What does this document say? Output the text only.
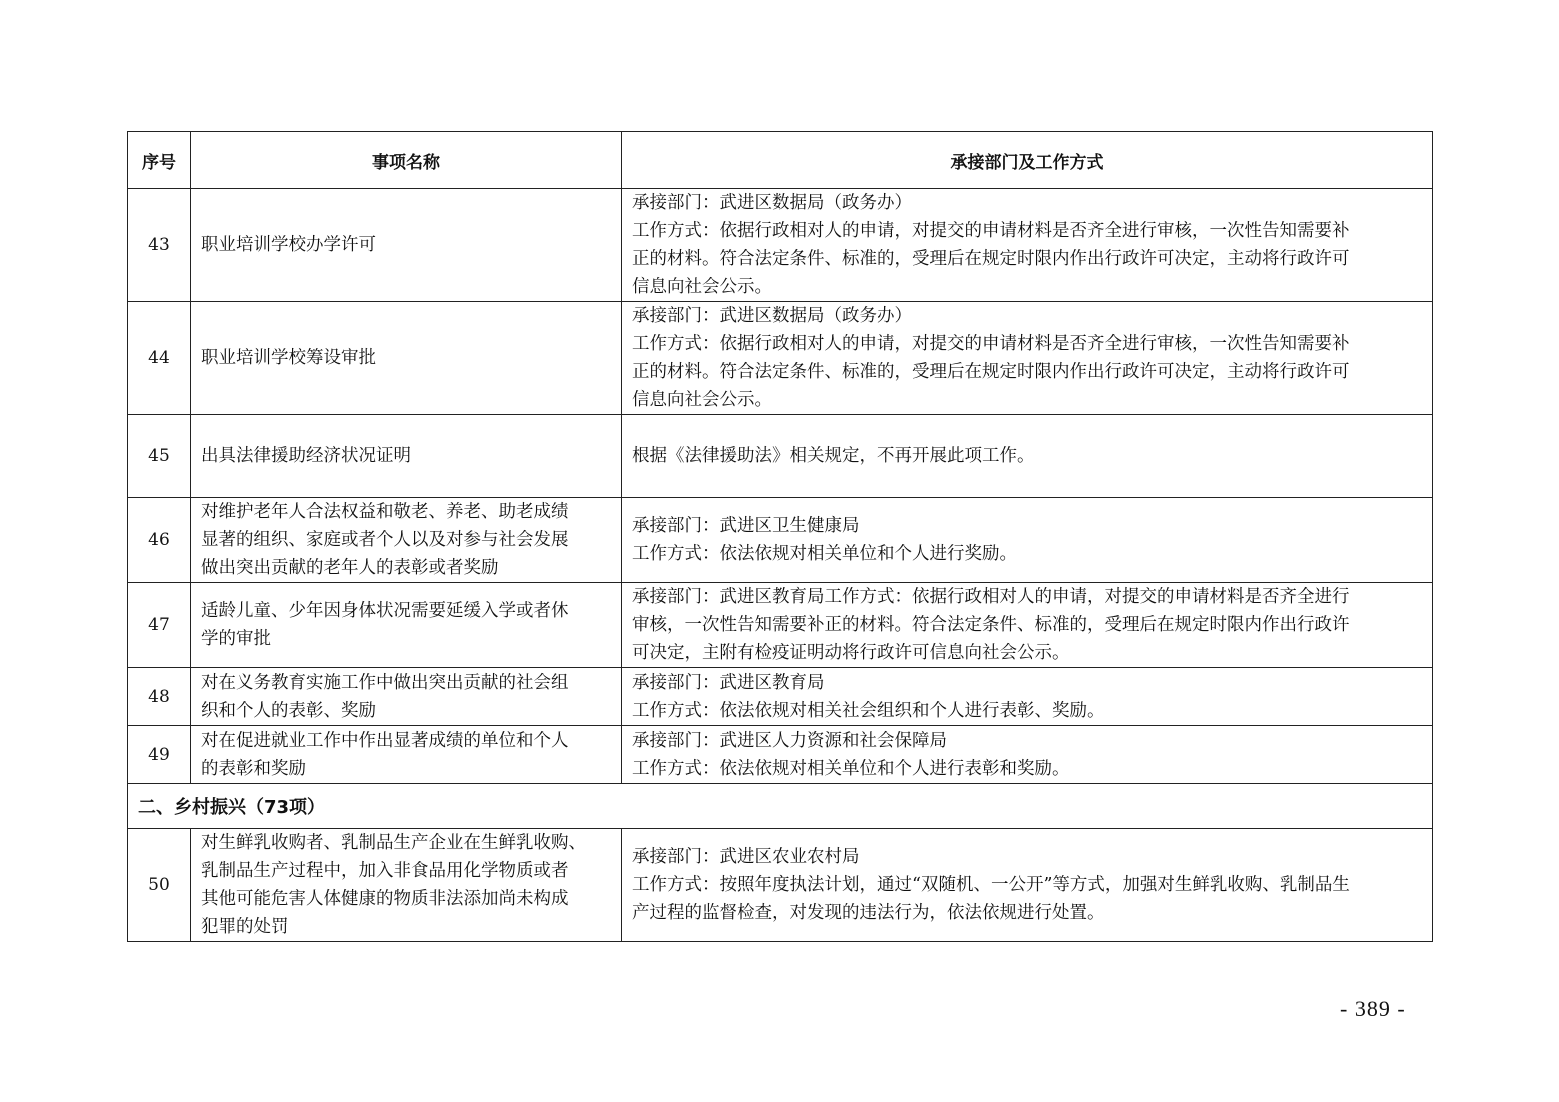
序号	事项名称	承接部门及工作方式
43	职业培训学校办学许可	承接部门：武进区数据局（政务办）
工作方式：依据行政相对人的申请，对提交的申请材料是否齐全进行审核，一次性告知需要补
正的材料。符合法定条件、标准的，受理后在规定时限内作出行政许可决定，主动将行政许可
信息向社会公示。

44	职业培训学校筹设审批	承接部门：武进区数据局（政务办）
工作方式：依据行政相对人的申请，对提交的申请材料是否齐全进行审核，一次性告知需要补
正的材料。符合法定条件、标准的，受理后在规定时限内作出行政许可决定，主动将行政许可
信息向社会公示。

45	出具法律援助经济状况证明	根据《法律援助法》相关规定，不再开展此项工作。

46	对维护老年人合法权益和敬老、养老、助老成绩
显著的组织、家庭或者个人以及对参与社会发展
做出突出贡献的老年人的表彰或者奖励	承接部门：武进区卫生健康局
工作方式：依法依规对相关单位和个人进行奖励。

47	适龄儿童、少年因身体状况需要延缓入学或者休
学的审批	承接部门：武进区教育局工作方式：依据行政相对人的申请，对提交的申请材料是否齐全进行
审核，一次性告知需要补正的材料。符合法定条件、标准的，受理后在规定时限内作出行政许
可决定，主附有检疫证明动将行政许可信息向社会公示。

48	对在义务教育实施工作中做出突出贡献的社会组
织和个人的表彰、奖励	承接部门：武进区教育局
工作方式：依法依规对相关社会组织和个人进行表彰、奖励。

49	对在促进就业工作中作出显著成绩的单位和个人
的表彰和奖励	承接部门：武进区人力资源和社会保障局
工作方式：依法依规对相关单位和个人进行表彰和奖励。

二、乡村振兴（73项）		
50	对生鲜乳收购者、乳制品生产企业在生鲜乳收购、
乳制品生产过程中，加入非食品用化学物质或者
其他可能危害人体健康的物质非法添加尚未构成
犯罪的处罚	承接部门：武进区农业农村局
工作方式：按照年度执法计划，通过“双随机、一公开”等方式，加强对生鲜乳收购、乳制品生
产过程的监督检查，对发现的违法行为，依法依规进行处置。
- 389 -
